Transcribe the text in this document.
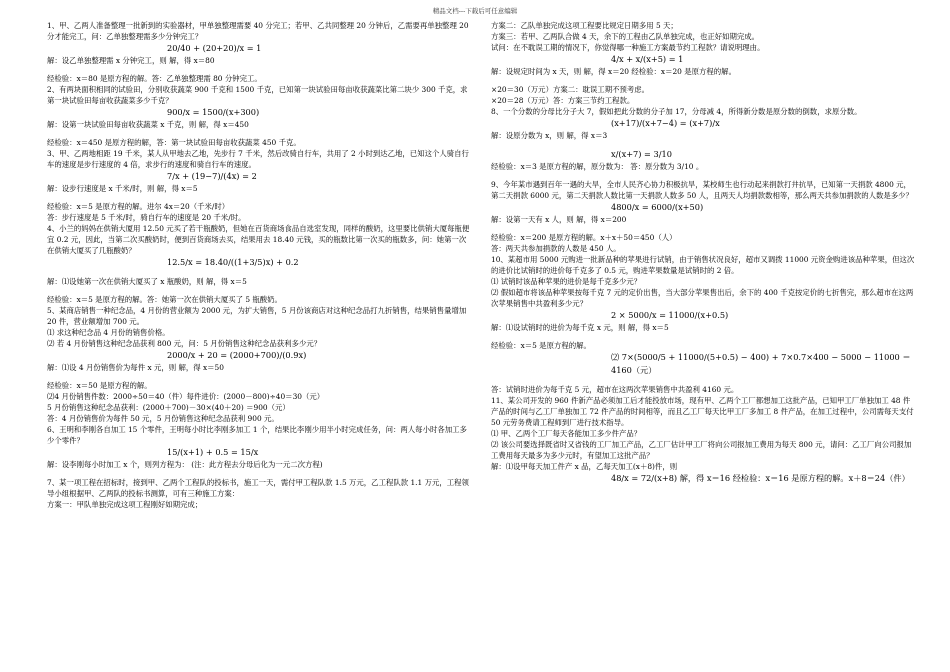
精品文档---下载后可任意编辑

1、甲、乙两人准备整理一批新到的实验器材，甲单独整理需要 40 分完工；若甲、乙共同整理 20 分钟后，乙需要再单独整理 20 分才能完工，问：乙单独整理需多少分钟完工？

20/40 + (20+20)/x = 1

解：设乙单独整理需 x 分钟完工，则 解，得 x＝80

经检验：x＝80 是原方程的解。答：乙单独整理需 80 分钟完工。

2、有两块面积相同的试验田，分别收获蔬菜 900 千克和 1500 千克，已知第一块试验田每亩收获蔬菜比第二块少 300 千克，求第一块试验田每亩收获蔬菜多少千克？

900/x = 1500/(x+300)

解：设第一块试验田每亩收获蔬菜 x 千克，则 解，得 x＝450

经检验：x＝450 是原方程的解，答：第一块试验田每亩收获蔬菜 450 千克。

3、甲、乙两地相距 19 千米，某人从甲地去乙地，先步行 7 千米，然后改骑自行车，共用了 2 小时到达乙地，已知这个人骑自行车的速度是步行速度的 4 倍，求步行的速度和骑自行车的速度。

7/x + (19−7)/(4x) = 2

解：设步行速度是 x 千米/时，则 解，得 x＝5

经检验：x＝5 是原方程的解。进尔 4x＝20（千米/时）

答：步行速度是 5 千米/时，骑自行车的速度是 20 千米/时。

4、小兰的妈妈在供销大厦用 12.50 元买了若干瓶酸奶，但她在百货商场食品自选室发现，同样的酸奶，这里要比供销大厦每瓶便宜 0.2 元，因此，当第二次买酸奶时，便到百货商场去买，结果用去 18.40 元钱，买的瓶数比第一次买的瓶数多，问：她第一次在供销大厦买了几瓶酸奶？

12.5/x = 18.40/((1+3/5)x) + 0.2

解：⑴设她第一次在供销大厦买了 x 瓶酸奶，则 解，得 x＝5

经检验：x＝5 是原方程的解。答：她第一次在供销大厦买了 5 瓶酸奶。

5、某商店销售一种纪念品，4 月份的营业额为 2000 元，为扩大销售，5 月份该商店对这种纪念品打九折销售，结果销售量增加 20 件，营业额增加 700 元。

⑴ 求这种纪念品 4 月份的销售价格。

⑵ 若 4 月份销售这种纪念品获利 800 元，问：5 月份销售这种纪念品获利多少元？

2000/x + 20 = (2000+700)/(0.9x)

解：⑴设 4 月份销售价为每件 x 元，则 解，得 x＝50

经检验：x＝50 是原方程的解。

⑵4 月份销售件数：2000÷50＝40（件）每件进价：(2000－800)÷40＝30（元）

5 月份销售这种纪念品获利：(2000＋700)－30×(40＋20) ＝900（元）

答：4 月份销售价为每件 50 元，5 月份销售这种纪念品获利 900 元。

6、王明和李刚各自加工 15 个零件，王明每小时比李刚多加工 1 个，结果比李刚少用半小时完成任务，问：两人每小时各加工多少个零件？

15/(x+1) + 0.5 = 15/x

解：设李刚每小时加工 x 个，则列方程为： (注：此方程去分母后化为一元二次方程)

7、某一项工程在招标时，接到甲、乙两个工程队的投标书，施工一天，需付甲工程队款 1.5 万元，乙工程队款 1.1 万元，工程领导小组根据甲、乙两队的投标书测算，可有三种施工方案：

方案一：甲队单独完成这项工程刚好如期完成；

方案二：乙队单独完成这项工程要比规定日期多用 5 天；

方案三：若甲、乙两队合做 4 天，余下的工程由乙队单独完成，也正好如期完成。

试问：在不耽误工期的情况下，你觉得哪一种施工方案最节约工程款？请说明理由。

4/x + x/(x+5) = 1

解：设规定时间为 x 天，则 解，得 x＝20 经检验：x＝20 是原方程的解。

×20＝30（万元）方案二：耽误工期不预考虑。

×20＝28（万元）答：方案三节约工程款。

8、一个分数的分母比分子大 7，假如把此分数的分子加 17，分母减 4，所得新分数是原分数的倒数，求原分数。

(x+17)/(x+7−4) = (x+7)/x

解：设原分数为 x，则 解，得 x＝3

x/(x+7) = 3/10

经检验：x＝3 是原方程的解，原分数为： 答：原分数为 3/10 。

9、今年某市遇到百年一遇的大旱，全市人民齐心协力积极抗旱，某校师生也行动起来捐款打井抗旱，已知第一天捐款 4800 元，第二天捐款 6000 元，第二天捐款人数比第一天捐款人数多 50 人，且两天人均捐款数相等，那么两天共参加捐款的人数是多少？

4800/x = 6000/(x+50)

解：设第一天有 x 人，则 解，得 x＝200

经检验：x＝200 是原方程的解。x＋x＋50＝450（人）

答：两天共参加捐款的人数是 450 人。

10、某超市用 5000 元购进一批新品种的苹果进行试销，由于销售状况良好，超市又调拨 11000 元资金购进该品种苹果，但这次的进价比试销时的进价每千克多了 0.5 元，购进苹果数量是试销时的 2 倍。

⑴ 试销时该品种苹果的进价是每千克多少元？

⑵ 假如超市将该品种苹果按每千克 7 元的定价出售，当大部分苹果售出后，余下的 400 千克按定价的七折售完，那么超市在这两次苹果销售中共盈利多少元？

2 × 5000/x = 11000/(x+0.5)

解：⑴设试销时的进价为每千克 x 元，则 解，得 x＝5

经检验：x＝5 是原方程的解。

⑵ 7×(5000/5 + 11000/(5+0.5) − 400) + 7×0.7×400 − 5000 − 11000 ＝4160（元）

答：试销时进价为每千克 5 元，超市在这两次苹果销售中共盈利 4160 元。

11、某公司开发的 960 件新产品必须加工后才能投放市场，现有甲、乙两个工厂都想加工这批产品，已知甲工厂单独加工 48 件产品的时间与乙工厂单独加工 72 件产品的时间相等，而且乙工厂每天比甲工厂多加工 8 件产品，在加工过程中，公司需每天支付 50 元劳务费请工程师到厂进行技术指导。

⑴ 甲、乙两个工厂每天各能加工多少件产品？

⑵ 该公司要选择既省时又省钱的工厂加工产品，乙工厂估计甲工厂将向公司报加工费用为每天 800 元，请问：乙工厂向公司报加工费用每天最多为多少元时，有望加工这批产品？

解：⑴设甲每天加工件产 x 品，乙每天加工(x＋8)件，则

48/x = 72/(x+8) 解，得 x＝16 经检验：x＝16 是原方程的解。x＋8＝24（件）
